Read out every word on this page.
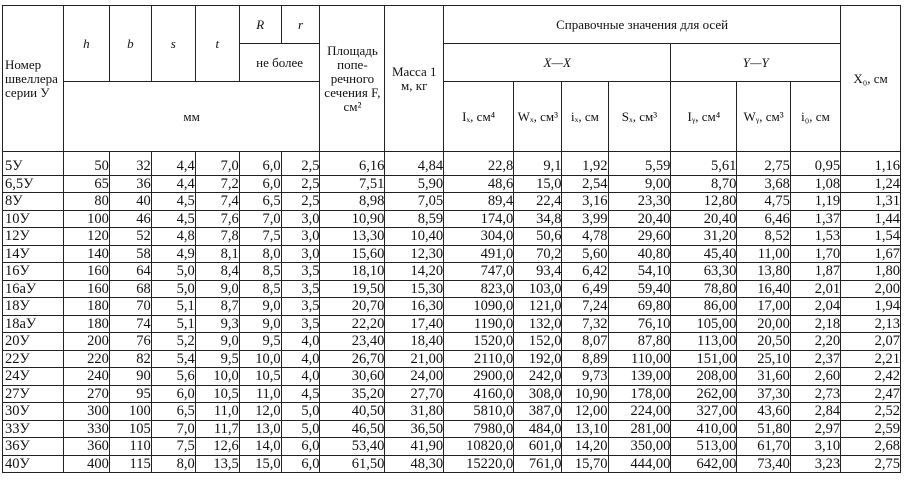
Номер швеллера серии У	h	b	s	t	R	r	Площадь поперечного сечения F, см²	Масса 1 м, кг	Справочные значения для осей							X₀, см
					не более				X—X				Y—Y			
	мм								Iₓ, см⁴	Wₓ, см³	iₓ, см	Sₓ, см³	Iᵧ, см⁴	Wᵧ, см³	i₀, см	
5У	50	32	4,4	7,0	6,0	2,5	6,16	4,84	22,8	9,1	1,92	5,59	5,61	2,75	0,95	1,16
6,5У	65	36	4,4	7,2	6,0	2,5	7,51	5,90	48,6	15,0	2,54	9,00	8,70	3,68	1,08	1,24
8У	80	40	4,5	7,4	6,5	2,5	8,98	7,05	89,4	22,4	3,16	23,30	12,80	4,75	1,19	1,31
10У	100	46	4,5	7,6	7,0	3,0	10,90	8,59	174,0	34,8	3,99	20,40	20,40	6,46	1,37	1,44
12У	120	52	4,8	7,8	7,5	3,0	13,30	10,40	304,0	50,6	4,78	29,60	31,20	8,52	1,53	1,54
14У	140	58	4,9	8,1	8,0	3,0	15,60	12,30	491,0	70,2	5,60	40,80	45,40	11,00	1,70	1,67
16У	160	64	5,0	8,4	8,5	3,5	18,10	14,20	747,0	93,4	6,42	54,10	63,30	13,80	1,87	1,80
16аУ	160	68	5,0	9,0	8,5	3,5	19,50	15,30	823,0	103,0	6,49	59,40	78,80	16,40	2,01	2,00
18У	180	70	5,1	8,7	9,0	3,5	20,70	16,30	1090,0	121,0	7,24	69,80	86,00	17,00	2,04	1,94
18аУ	180	74	5,1	9,3	9,0	3,5	22,20	17,40	1190,0	132,0	7,32	76,10	105,00	20,00	2,18	2,13
20У	200	76	5,2	9,0	9,5	4,0	23,40	18,40	1520,0	152,0	8,07	87,80	113,00	20,50	2,20	2,07
22У	220	82	5,4	9,5	10,0	4,0	26,70	21,00	2110,0	192,0	8,89	110,00	151,00	25,10	2,37	2,21
24У	240	90	5,6	10,0	10,5	4,0	30,60	24,00	2900,0	242,0	9,73	139,00	208,00	31,60	2,60	2,42
27У	270	95	6,0	10,5	11,0	4,5	35,20	27,70	4160,0	308,0	10,90	178,00	262,00	37,30	2,73	2,47
30У	300	100	6,5	11,0	12,0	5,0	40,50	31,80	5810,0	387,0	12,00	224,00	327,00	43,60	2,84	2,52
33У	330	105	7,0	11,7	13,0	5,0	46,50	36,50	7980,0	484,0	13,10	281,00	410,00	51,80	2,97	2,59
36У	360	110	7,5	12,6	14,0	6,0	53,40	41,90	10820,0	601,0	14,20	350,00	513,00	61,70	3,10	2,68
40У	400	115	8,0	13,5	15,0	6,0	61,50	48,30	15220,0	761,0	15,70	444,00	642,00	73,40	3,23	2,75
